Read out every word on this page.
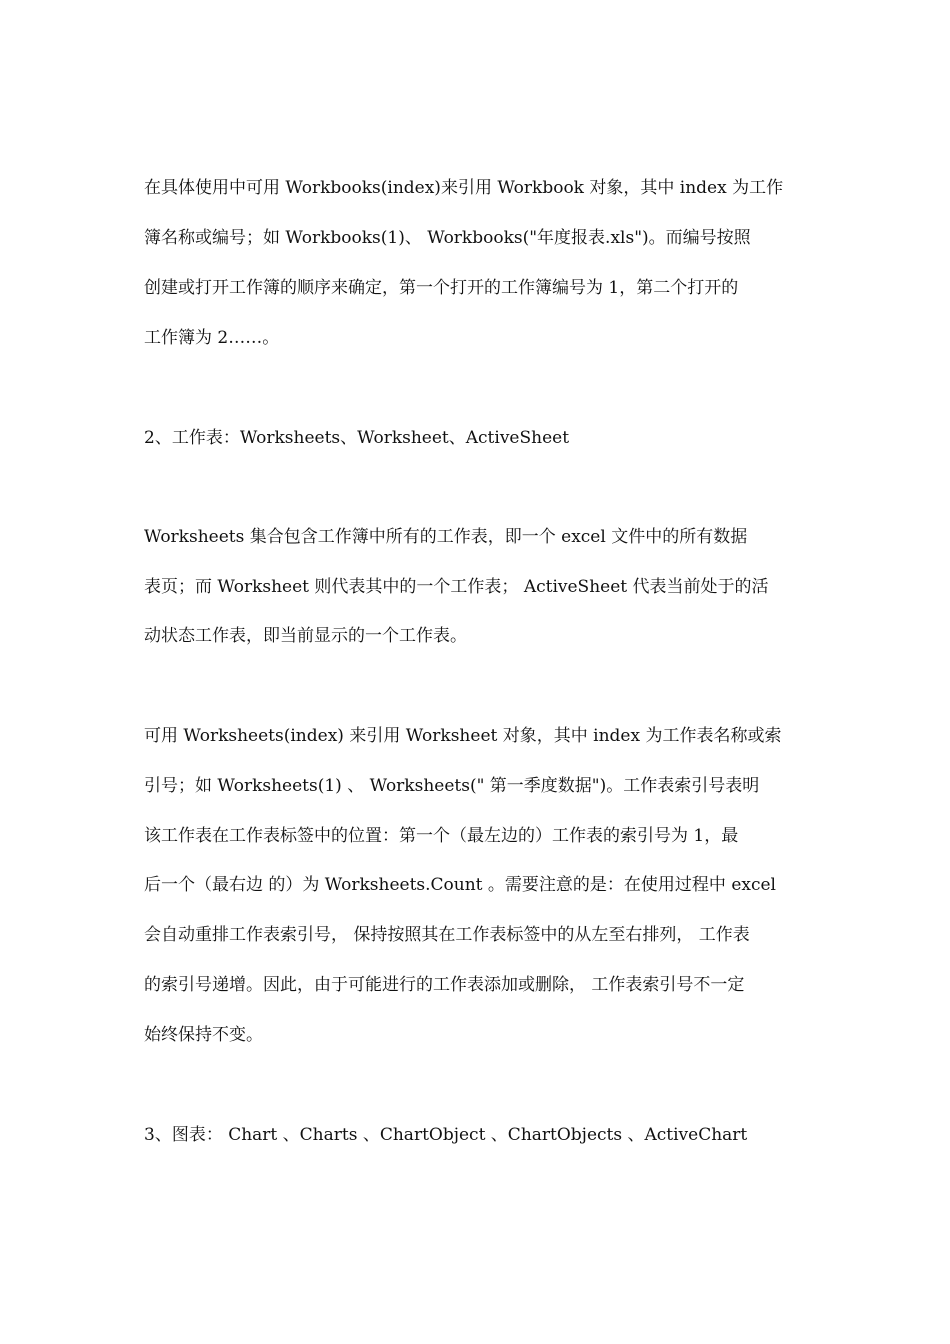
在具体使用中可用 Workbooks(index)来引用 Workbook 对象，其中 index 为工作
簿名称或编号；如 Workbooks(1)、 Workbooks("年度报表.xls")。而编号按照
创建或打开工作簿的顺序来确定，第一个打开的工作簿编号为 1，第二个打开的
工作簿为 2……。
2、工作表：Worksheets、Worksheet、ActiveSheet
Worksheets 集合包含工作簿中所有的工作表，即一个 excel 文件中的所有数据
表页；而 Worksheet 则代表其中的一个工作表； ActiveSheet 代表当前处于的活
动状态工作表，即当前显示的一个工作表。
可用 Worksheets(index) 来引用 Worksheet 对象，其中 index 为工作表名称或索
引号；如 Worksheets(1) 、 Worksheets(" 第一季度数据")。工作表索引号表明
该工作表在工作表标签中的位置：第一个（最左边的）工作表的索引号为 1，最
后一个（最右边 的）为 Worksheets.Count 。需要注意的是：在使用过程中 excel
会自动重排工作表索引号， 保持按照其在工作表标签中的从左至右排列， 工作表
的索引号递增。因此，由于可能进行的工作表添加或删除， 工作表索引号不一定
始终保持不变。
3、图表： Chart 、Charts 、ChartObject 、ChartObjects 、ActiveChart
